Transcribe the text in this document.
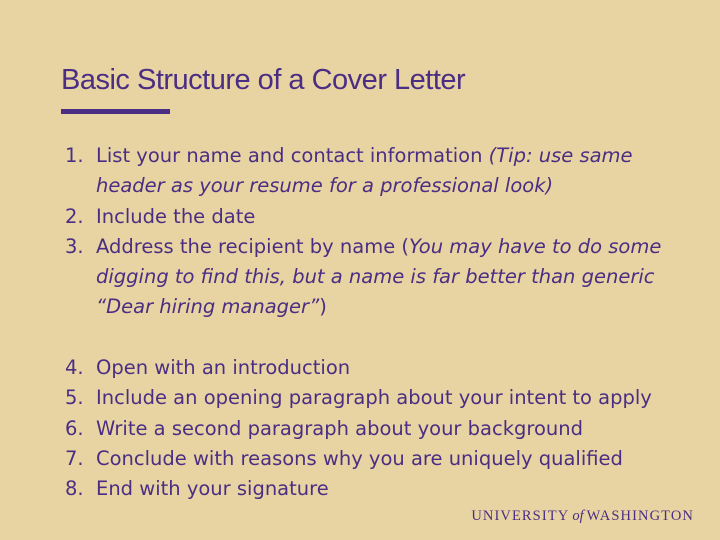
Basic Structure of a Cover Letter
1. List your name and contact information (Tip: use same header as your resume for a professional look)
2. Include the date
3. Address the recipient by name (You may have to do some digging to find this, but a name is far better than generic “Dear hiring manager”)
4. Open with an introduction
5. Include an opening paragraph about your intent to apply
6. Write a second paragraph about your background
7. Conclude with reasons why you are uniquely qualified
8. End with your signature
UNIVERSITY of WASHINGTON
